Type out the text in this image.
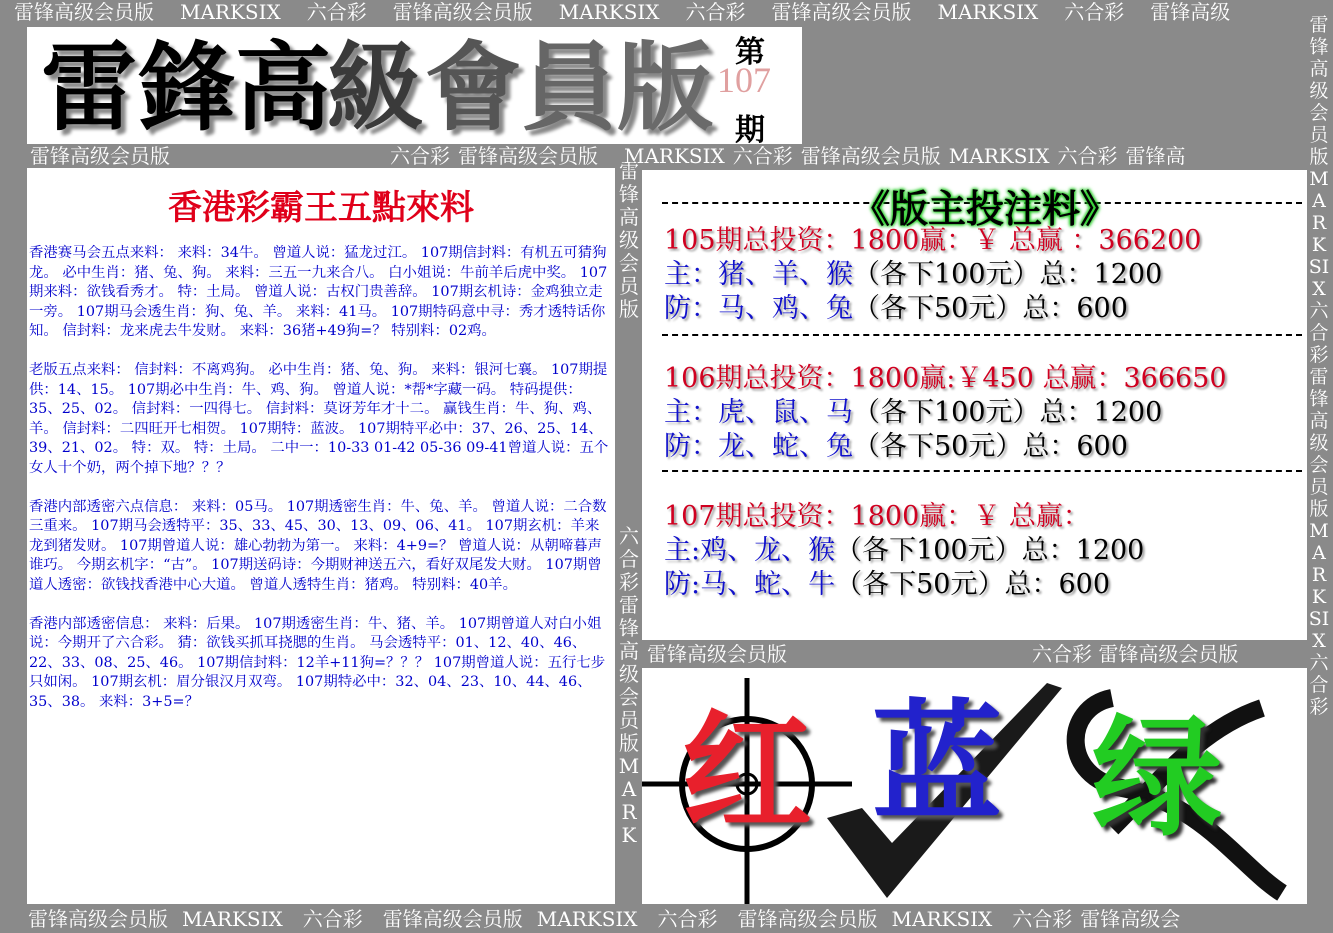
雷锋高级会员版 MARKSIX 六合彩 雷锋高级会员版 MARKSIX 六合彩 雷锋高级会员版 MARKSIX 六合彩 雷锋高级
雷锋高级会员版	六合彩 雷锋高级会员版 MARKSIX 六合彩 雷锋高级会员版 MARKSIX 六合彩 雷锋高
雷锋高级会员版	六合彩 雷锋高级会员版
雷锋高级会员版 MARKSIX 六合彩 雷锋高级会员版 MARKSIX 六合彩 雷锋高级会员版 MARKSIX 六合彩 雷锋高级会
雷锋高级会员版MARKSIX六合彩雷锋高级会员版MARKSIX六合彩
雷锋高级会员版
六合彩雷锋高级会员版MARK
雷 鋒 高
級 會 員 版 第
107
期
香港彩霸王五點來料

香港赛马会五点来料： 来料：34牛。 曾道人说：猛龙过江。 107期信封料：有机五可猜狗龙。 必中生肖：猪、兔、狗。 来料：三五一九来合八。 白小姐说：牛前羊后虎中奖。 107期来料：欲钱看秀才。 特：土局。 曾道人说：古权门贵善辞。 107期玄机诗：金鸡独立走一旁。 107期马会透生肖：狗、兔、羊。 来料：41马。 107期特码意中寻：秀才透特话你知。 信封料：龙来虎去牛发财。 来料：36猪+49狗=？ 特别料：02鸡。

老版五点来料： 信封料：不离鸡狗。 必中生肖：猪、兔、狗。 来料：银河七襄。 107期提供：14、15。 107期必中生肖：牛、鸡、狗。 曾道人说：*帮*字藏一码。 特码提供：35、25、02。 信封料：一四得七。 信封料：莫讶芳年才十二。 赢钱生肖：牛、狗、鸡、羊。 信封料：二四旺开七相贺。 107期特：蓝波。 107期特平必中：37、26、25、14、39、21、02。 特：双。 特：土局。 二中一：10-33 01-42 05-36 09-41曾道人说：五个女人十个奶，两个掉下地？？？

香港内部透密六点信息： 来料：05马。 107期透密生肖：牛、兔、羊。 曾道人说：二合数三重来。 107期马会透特平：35、33、45、30、13、09、06、41。 107期玄机：羊来龙到猪发财。 107期曾道人说：雄心勃勃为第一。 来料：4+9=？ 曾道人说：从朝啼暮声谁巧。 今期玄机字：“古”。 107期送码诗：今期财神送五六，看好双尾发大财。 107期曾道人透密：欲钱找香港中心大道。 曾道人透特生肖：猪鸡。 特别料：40羊。

香港内部透密信息： 来料：后果。 107期透密生肖：牛、猪、羊。 107期曾道人对白小姐说：今期开了六合彩。 猜：欲钱买抓耳挠腮的生肖。 马会透特平：01、12、40、46、22、33、08、25、46。 107期信封料：12羊+11狗=？？？ 107期曾道人说：五行七步只如闲。 107期玄机：眉分银汉月双弯。 107期特必中：32、04、23、10、44、46、35、38。 来料：3+5=？

《版主投注料》
105期总投资：1800赢：￥ 总赢 ：366200
主：猪、羊、猴（各下100元）总：1200
防：马、鸡、兔（各下50元）总：600
106期总投资：1800赢:￥450 总赢：366650
主：虎、鼠、马（各下100元）总：1200
防：龙、蛇、兔（各下50元）总：600
107期总投资：1800赢：￥ 总赢：
主:鸡、龙、猴（各下100元）总：1200
防:马、蛇、牛（各下50元）总：600
红 蓝 绿
